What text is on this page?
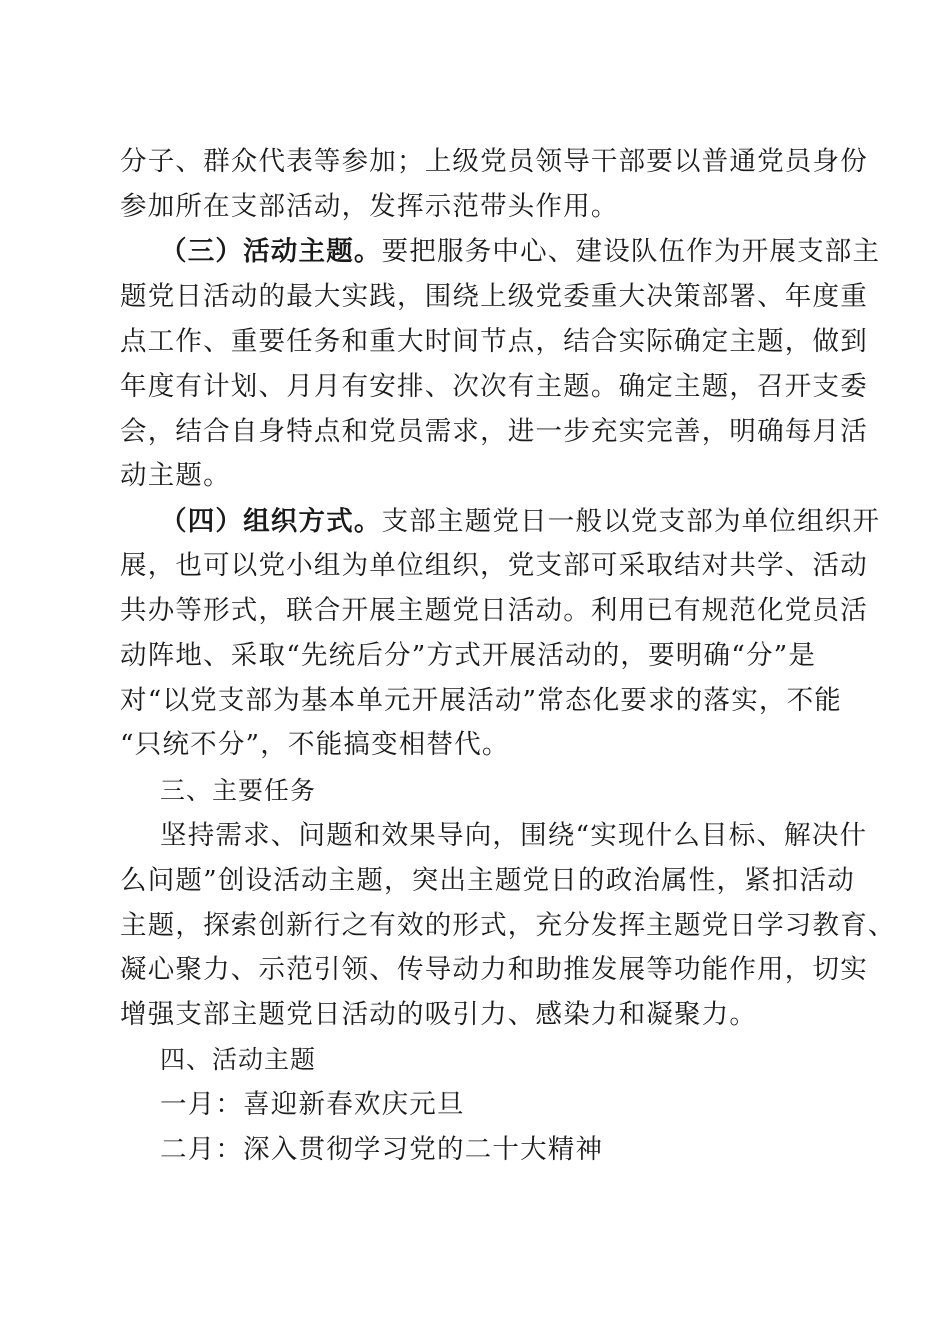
分子、群众代表等参加；上级党员领导干部要以普通党员身份
参加所在支部活动，发挥示范带头作用。
（三）活动主题。要把服务中心、建设队伍作为开展支部主
题党日活动的最大实践，围绕上级党委重大决策部署、年度重
点工作、重要任务和重大时间节点，结合实际确定主题，做到
年度有计划、月月有安排、次次有主题。确定主题，召开支委
会，结合自身特点和党员需求，进一步充实完善，明确每月活
动主题。
（四）组织方式。支部主题党日一般以党支部为单位组织开
展，也可以党小组为单位组织，党支部可采取结对共学、活动
共办等形式，联合开展主题党日活动。利用已有规范化党员活
动阵地、采取“先统后分”方式开展活动的，要明确“分”是
对“以党支部为基本单元开展活动”常态化要求的落实，不能
“只统不分”，不能搞变相替代。
三、主要任务
坚持需求、问题和效果导向，围绕“实现什么目标、解决什
么问题”创设活动主题，突出主题党日的政治属性，紧扣活动
主题，探索创新行之有效的形式，充分发挥主题党日学习教育、
凝心聚力、示范引领、传导动力和助推发展等功能作用，切实
增强支部主题党日活动的吸引力、感染力和凝聚力。
四、活动主题
一月：喜迎新春欢庆元旦
二月：深入贯彻学习党的二十大精神
